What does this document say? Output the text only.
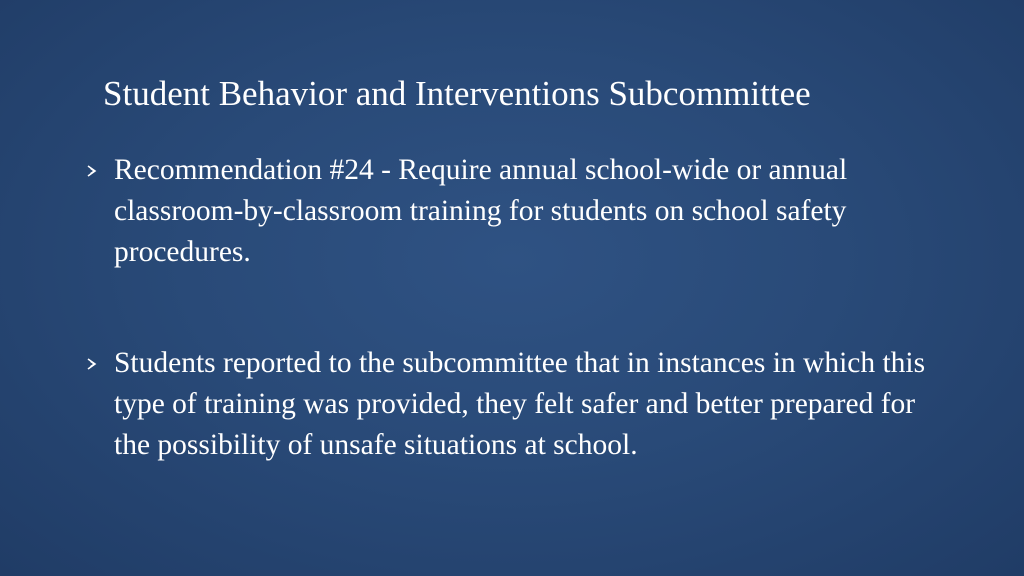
Student Behavior and Interventions Subcommittee
Recommendation #24 - Require annual school-wide or annual classroom-by-classroom training for students on school safety procedures.
Students reported to the subcommittee that in instances in which this type of training was provided, they felt safer and better prepared for the possibility of unsafe situations at school.
